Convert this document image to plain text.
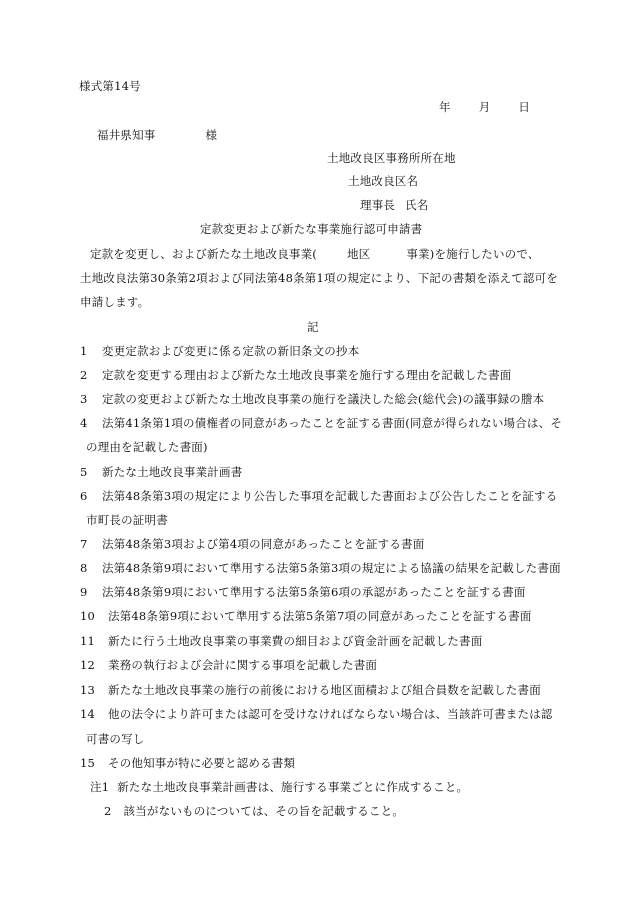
様式第14号
年 月 日
福井県知事	様
土地改良区事務所所在地
土地改良区名
理事長 氏名
定款変更および新たな事業施行認可申請書
定款を変更し、および新たな土地改良事業(	地区	事業)を施行したいので、
土地改良法第30条第2項および同法第48条第1項の規定により、下記の書類を添えて認可を
申請します。
記
1 変更定款および変更に係る定款の新旧条文の抄本
2 定款を変更する理由および新たな土地改良事業を施行する理由を記載した書面
3 定款の変更および新たな土地改良事業の施行を議決した総会(総代会)の議事録の謄本
4 法第41条第1項の債権者の同意があったことを証する書面(同意が得られない場合は、そ
の理由を記載した書面)
5 新たな土地改良事業計画書
6 法第48条第3項の規定により公告した事項を記載した書面および公告したことを証する
市町長の証明書
7 法第48条第3項および第4項の同意があったことを証する書面
8 法第48条第9項において準用する法第5条第3項の規定による協議の結果を記載した書面
9 法第48条第9項において準用する法第5条第6項の承認があったことを証する書面
10 法第48条第9項において準用する法第5条第7項の同意があったことを証する書面
11 新たに行う土地改良事業の事業費の細目および資金計画を記載した書面
12 業務の執行および会計に関する事項を記載した書面
13 新たな土地改良事業の施行の前後における地区面積および組合員数を記載した書面
14 他の法令により許可または認可を受けなければならない場合は、当該許可書または認
可書の写し
15 その他知事が特に必要と認める書類
注1 新たな土地改良事業計画書は、施行する事業ごとに作成すること。
2 該当がないものについては、その旨を記載すること。
